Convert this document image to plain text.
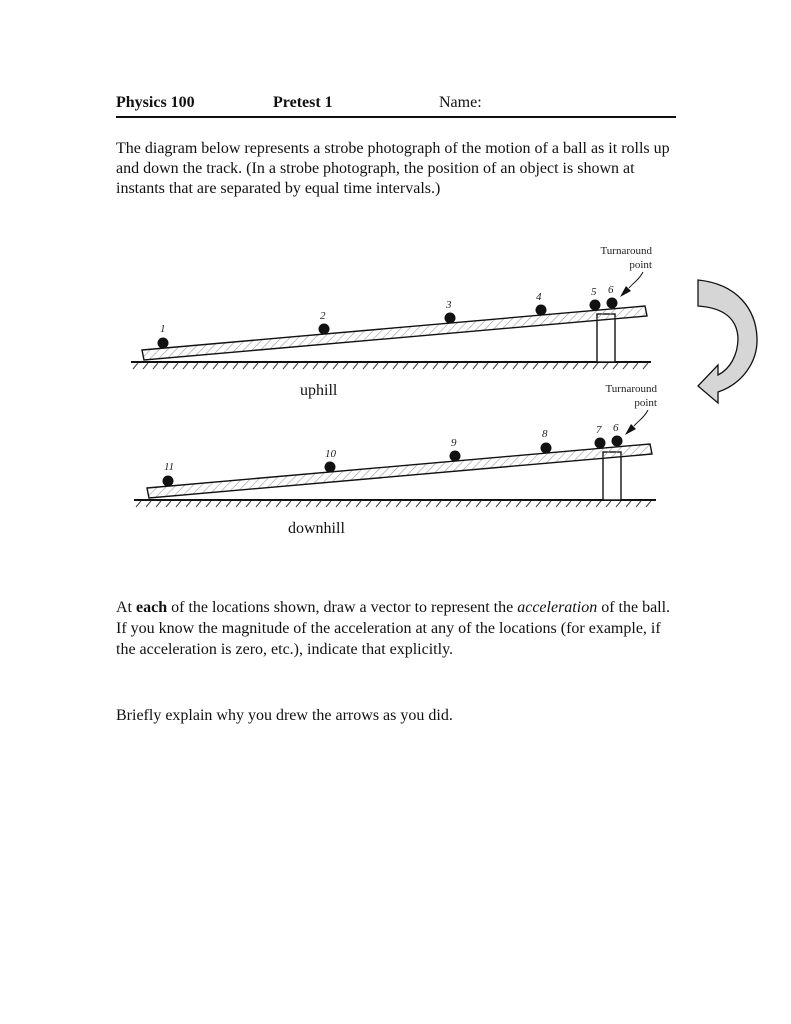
Physics 100	Pretest 1	Name:
The diagram below represents a strobe photograph of the motion of a ball as it rolls up and down the track. (In a strobe photograph, the position of an object is shown at instants that are separated by equal time intervals.)
1
2
3
4	5 6
Turnaround
point
uphill
11
10
9
8	7 6
Turnaround
point
downhill
At each of the locations shown, draw a vector to represent the acceleration of the ball. If you know the magnitude of the acceleration at any of the locations (for example, if the acceleration is zero, etc.), indicate that explicitly.
Briefly explain why you drew the arrows as you did.
